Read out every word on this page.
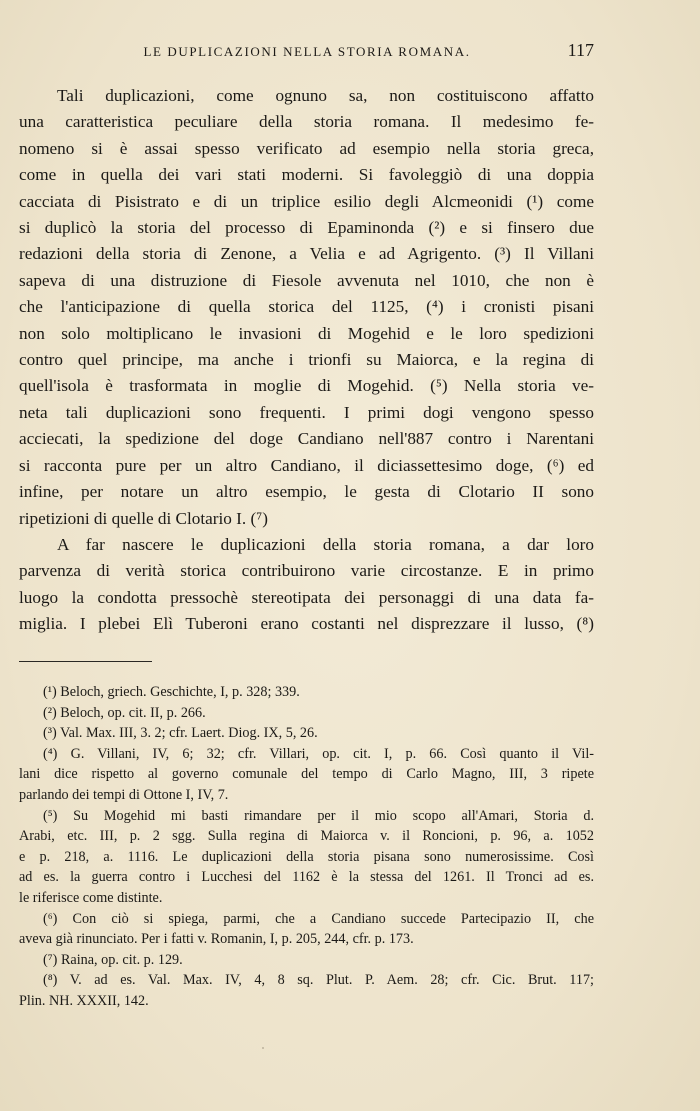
LE DUPLICAZIONI NELLA STORIA ROMANA.	117
Tali duplicazioni, come ognuno sa, non costituiscono affatto
una caratteristica peculiare della storia romana. Il medesimo fe-
nomeno si è assai spesso verificato ad esempio nella storia greca,
come in quella dei vari stati moderni. Si favoleggiò di una doppia
cacciata di Pisistrato e di un triplice esilio degli Alcmeonidi (¹) come
si duplicò la storia del processo di Epaminonda (²) e si finsero due
redazioni della storia di Zenone, a Velia e ad Agrigento. (³) Il Villani
sapeva di una distruzione di Fiesole avvenuta nel 1010, che non è
che l'anticipazione di quella storica del 1125, (⁴) i cronisti pisani
non solo moltiplicano le invasioni di Mogehid e le loro spedizioni
contro quel principe, ma anche i trionfi su Maiorca, e la regina di
quell'isola è trasformata in moglie di Mogehid. (⁵) Nella storia ve-
neta tali duplicazioni sono frequenti. I primi dogi vengono spesso
acciecati, la spedizione del doge Candiano nell'887 contro i Narentani
si racconta pure per un altro Candiano, il diciassettesimo doge, (⁶) ed
infine, per notare un altro esempio, le gesta di Clotario II sono
ripetizioni di quelle di Clotario I. (⁷)
A far nascere le duplicazioni della storia romana, a dar loro
parvenza di verità storica contribuirono varie circostanze. E in primo
luogo la condotta pressochè stereotipata dei personaggi di una data fa-
miglia. I plebei Elì Tuberoni erano costanti nel disprezzare il lusso, (⁸)
(¹) Beloch, griech. Geschichte, I, p. 328; 339.
(²) Beloch, op. cit. II, p. 266.
(³) Val. Max. III, 3. 2; cfr. Laert. Diog. IX, 5, 26.
(⁴) G. Villani, IV, 6; 32; cfr. Villari, op. cit. I, p. 66. Così quanto il Vil-
lani dice rispetto al governo comunale del tempo di Carlo Magno, III, 3 ripete
parlando dei tempi di Ottone I, IV, 7.
(⁵) Su Mogehid mi basti rimandare per il mio scopo all'Amari, Storia d.
Arabi, etc. III, p. 2 sgg. Sulla regina di Maiorca v. il Roncioni, p. 96, a. 1052
e p. 218, a. 1116. Le duplicazioni della storia pisana sono numerosissime. Così
ad es. la guerra contro i Lucchesi del 1162 è la stessa del 1261. Il Tronci ad es.
le riferisce come distinte.
(⁶) Con ciò si spiega, parmi, che a Candiano succede Partecipazio II, che
aveva già rinunciato. Per i fatti v. Romanin, I, p. 205, 244, cfr. p. 173.
(⁷) Raina, op. cit. p. 129.
(⁸) V. ad es. Val. Max. IV, 4, 8 sq. Plut. P. Aem. 28; cfr. Cic. Brut. 117;
Plin. NH. XXXII, 142.
